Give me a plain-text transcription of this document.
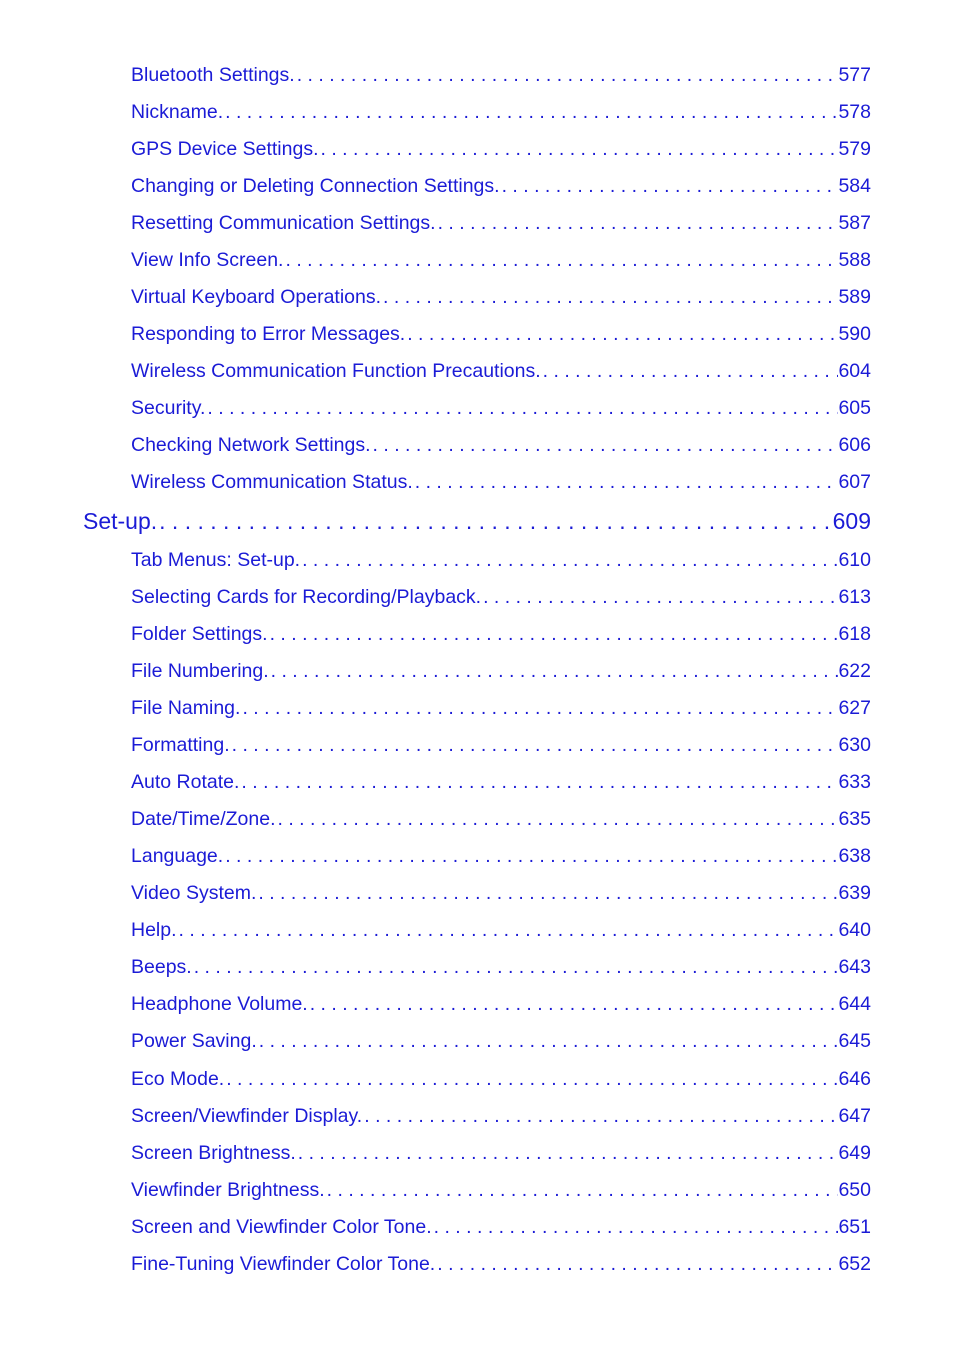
Bluetooth Settings. . . .	577
Nickname. . . .	578
GPS Device Settings. . . .	579
Changing or Deleting Connection Settings. . . .	584
Resetting Communication Settings. . . .	587
View Info Screen. . . .	588
Virtual Keyboard Operations. . . .	589
Responding to Error Messages. . . .	590
Wireless Communication Function Precautions. . . .	604
Security. . . .	605
Checking Network Settings. . . .	606
Wireless Communication Status. . . .	607
Set-up. . . .	609
Tab Menus: Set-up. . . .	610
Selecting Cards for Recording/Playback. . . .	613
Folder Settings. . . .	618
File Numbering. . . .	622
File Naming. . . .	627
Formatting. . . .	630
Auto Rotate. . . .	633
Date/Time/Zone. . . .	635
Language. . . .	638
Video System. . . .	639
Help. . . .	640
Beeps. . . .	643
Headphone Volume. . . .	644
Power Saving. . . .	645
Eco Mode. . . .	646
Screen/Viewfinder Display. . . .	647
Screen Brightness. . . .	649
Viewfinder Brightness. . . .	650
Screen and Viewfinder Color Tone. . . .	651
Fine-Tuning Viewfinder Color Tone. . . .	652
